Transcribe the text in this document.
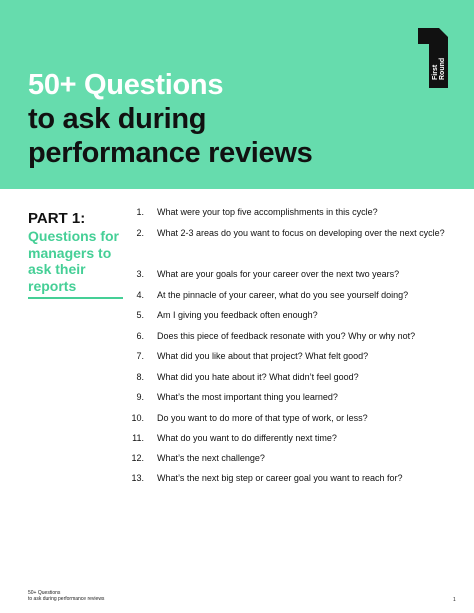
50+ Questions
to ask during
performance reviews
First Round
PART 1:
Questions for managers to ask their reports
1. What were your top five accomplishments in this cycle?
2. What 2-3 areas do you want to focus on developing over the next cycle?
3. What are your goals for your career over the next two years?
4. At the pinnacle of your career, what do you see yourself doing?
5. Am I giving you feedback often enough?
6. Does this piece of feedback resonate with you? Why or why not?
7. What did you like about that project? What felt good?
8. What did you hate about it? What didn’t feel good?
9. What’s the most important thing you learned?
10. Do you want to do more of that type of work, or less?
11. What do you want to do differently next time?
12. What’s the next challenge?
13. What’s the next big step or career goal you want to reach for?
50+ Questions
to ask during performance reviews	1
